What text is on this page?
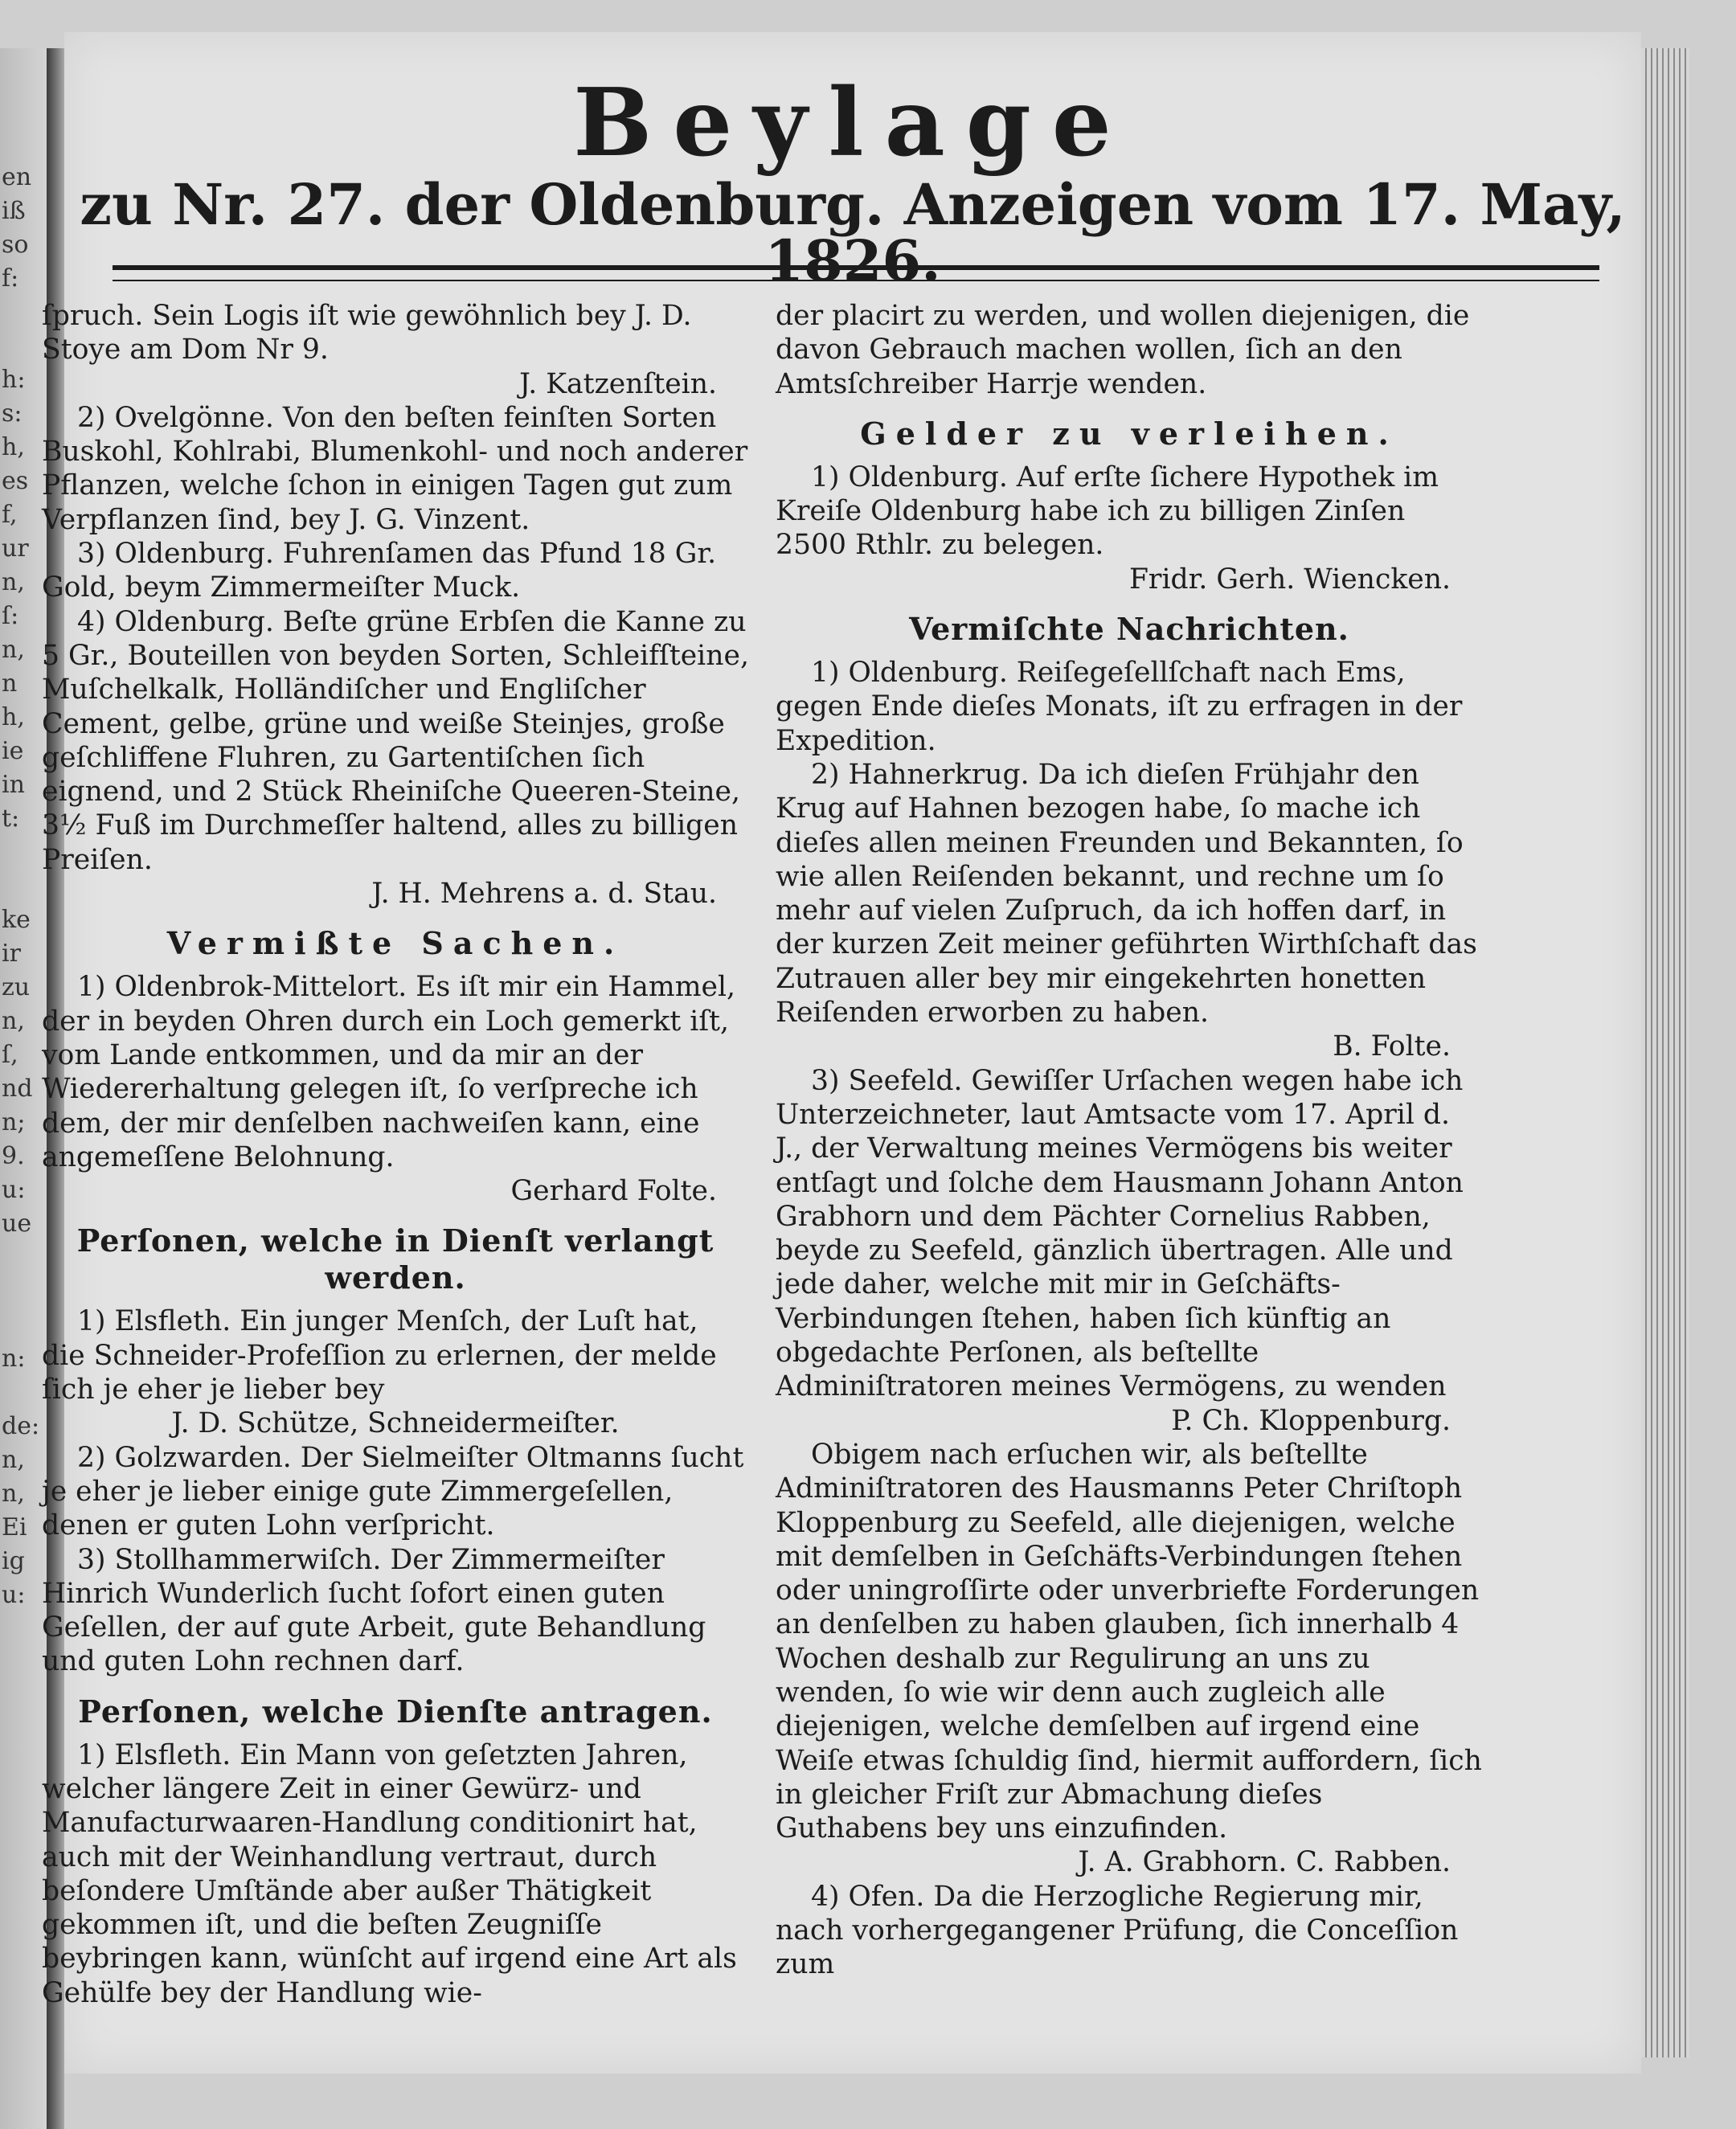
en
iß
so
f:
h:
s:
h,
es
f,
ur
n,
ſ:
n,
n
h,
ie
in
t:
ke
ir
zu
n,
ſ,
nd
n;
9.
u:
ue
n:
de:
n,
n,
Ei
ig
u:
Beylage
zu Nr. 27. der Oldenburg. Anzeigen vom 17. May, 1826.

ſpruch. Sein Logis iſt wie gewöhnlich bey J. D. Stoye am Dom Nr 9.

J. Katzenſtein.

2) Ovelgönne. Von den beſten feinſten Sorten Buskohl, Kohlrabi, Blumenkohl- und noch anderer Pflanzen, welche ſchon in einigen Tagen gut zum Verpflanzen ſind, bey J. G. Vinzent.

3) Oldenburg. Fuhrenſamen das Pfund 18 Gr. Gold, beym Zimmermeiſter Muck.

4) Oldenburg. Beſte grüne Erbſen die Kanne zu 5 Gr., Bouteillen von beyden Sorten, Schleifſteine, Muſchelkalk, Holländiſcher und Engliſcher Cement, gelbe, grüne und weiße Steinjes, große geſchliffene Fluhren, zu Gartentiſchen ſich eignend, und 2 Stück Rheiniſche Queeren-Steine, 3½ Fuß im Durchmeſſer haltend, alles zu billigen Preiſen.

J. H. Mehrens a. d. Stau.

Vermißte Sachen.

1) Oldenbrok-Mittelort. Es iſt mir ein Hammel, der in beyden Ohren durch ein Loch gemerkt iſt, vom Lande entkommen, und da mir an der Wiedererhaltung gelegen iſt, ſo verſpreche ich dem, der mir denſelben nachweiſen kann, eine angemeſſene Belohnung.

Gerhard Folte.

Perſonen, welche in Dienſt verlangt werden.

1) Elsfleth. Ein junger Menſch, der Luſt hat, die Schneider-Profeſſion zu erlernen, der melde ſich je eher je lieber bey

J. D. Schütze, Schneidermeiſter.

2) Golzwarden. Der Sielmeiſter Oltmanns ſucht je eher je lieber einige gute Zimmergeſellen, denen er guten Lohn verſpricht.

3) Stollhammerwiſch. Der Zimmermeiſter Hinrich Wunderlich ſucht ſofort einen guten Geſellen, der auf gute Arbeit, gute Behandlung und guten Lohn rechnen darf.

Perſonen, welche Dienſte antragen.

1) Elsfleth. Ein Mann von geſetzten Jahren, welcher längere Zeit in einer Gewürz- und Manufacturwaaren-Handlung conditionirt hat, auch mit der Weinhandlung vertraut, durch beſondere Umſtände aber außer Thätigkeit gekommen iſt, und die beſten Zeugniſſe beybringen kann, wünſcht auf irgend eine Art als Gehülfe bey der Handlung wie-

der placirt zu werden, und wollen diejenigen, die davon Gebrauch machen wollen, ſich an den Amtsſchreiber Harrje wenden.

Gelder zu verleihen.

1) Oldenburg. Auf erſte ſichere Hypothek im Kreiſe Oldenburg habe ich zu billigen Zinſen 2500 Rthlr. zu belegen.

Fridr. Gerh. Wiencken.

Vermiſchte Nachrichten.

1) Oldenburg. Reiſegeſellſchaft nach Ems, gegen Ende dieſes Monats, iſt zu erfragen in der Expedition.

2) Hahnerkrug. Da ich dieſen Frühjahr den Krug auf Hahnen bezogen habe, ſo mache ich dieſes allen meinen Freunden und Bekannten, ſo wie allen Reiſenden bekannt, und rechne um ſo mehr auf vielen Zuſpruch, da ich hoffen darf, in der kurzen Zeit meiner geführten Wirthſchaft das Zutrauen aller bey mir eingekehrten honetten Reiſenden erworben zu haben.

B. Folte.

3) Seefeld. Gewiſſer Urſachen wegen habe ich Unterzeichneter, laut Amtsacte vom 17. April d. J., der Verwaltung meines Vermögens bis weiter entſagt und ſolche dem Hausmann Johann Anton Grabhorn und dem Pächter Cornelius Rabben, beyde zu Seefeld, gänzlich übertragen. Alle und jede daher, welche mit mir in Geſchäfts-Verbindungen ſtehen, haben ſich künftig an obgedachte Perſonen, als beſtellte Adminiſtratoren meines Vermögens, zu wenden

P. Ch. Kloppenburg.

Obigem nach erſuchen wir, als beſtellte Adminiſtratoren des Hausmanns Peter Chriſtoph Kloppenburg zu Seefeld, alle diejenigen, welche mit demſelben in Geſchäfts-Verbindungen ſtehen oder uningroſſirte oder unverbriefte Forderungen an denſelben zu haben glauben, ſich innerhalb 4 Wochen deshalb zur Regulirung an uns zu wenden, ſo wie wir denn auch zugleich alle diejenigen, welche demſelben auf irgend eine Weiſe etwas ſchuldig ſind, hiermit auffordern, ſich in gleicher Friſt zur Abmachung dieſes Guthabens bey uns einzufinden.

J. A. Grabhorn. C. Rabben.

4) Ofen. Da die Herzogliche Regierung mir, nach vorhergegangener Prüfung, die Conceſſion zum
